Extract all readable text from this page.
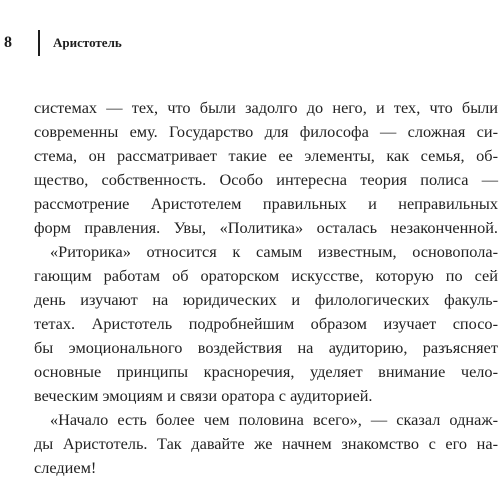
8	Аристотель
системах — тех, что были задолго до него, и тех, что были
современны ему. Государство для философа — сложная си-
стема, он рассматривает такие ее элементы, как семья, об-
щество, собственность. Особо интересна теория полиса —
рассмотрение Аристотелем правильных и неправильных
форм правления. Увы, «Политика» осталась незаконченной.
«Риторика» относится к самым известным, основопола-
гающим работам об ораторском искусстве, которую по сей
день изучают на юридических и филологических факуль-
тетах. Аристотель подробнейшим образом изучает спосо-
бы эмоционального воздействия на аудиторию, разъясняет
основные принципы красноречия, уделяет внимание чело-
веческим эмоциям и связи оратора с аудиторией.
«Начало есть более чем половина всего», — сказал однаж-
ды Аристотель. Так давайте же начнем знакомство с его на-
следием!
